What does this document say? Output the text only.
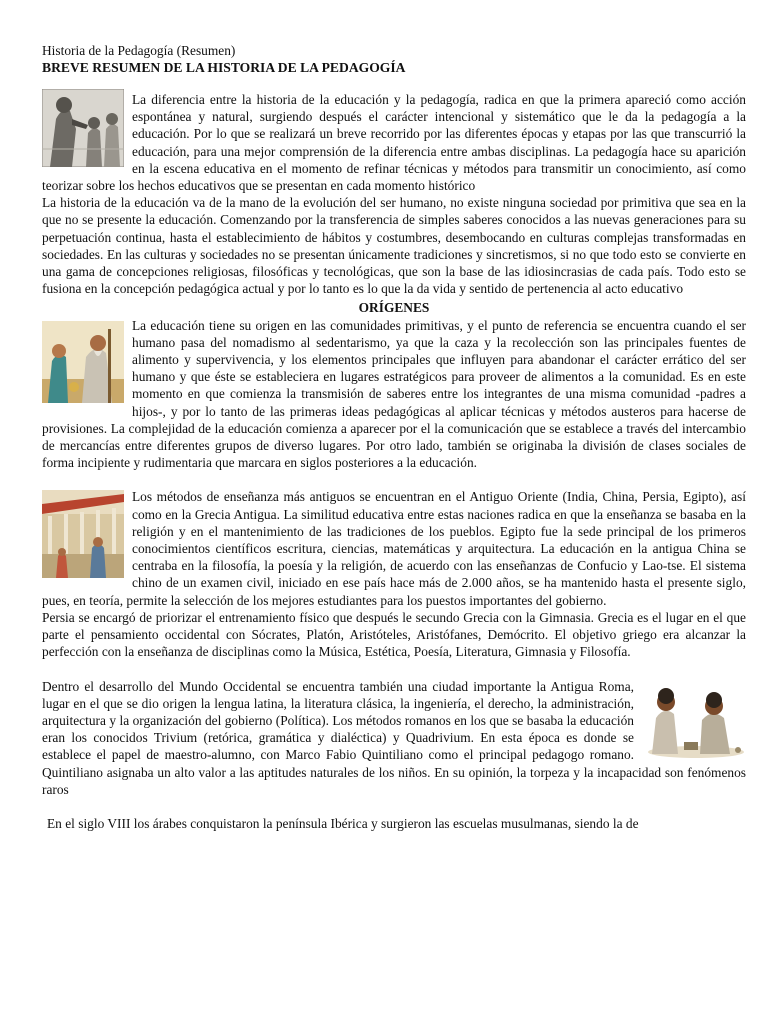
Historia de la Pedagogía (Resumen)
BREVE RESUMEN DE LA HISTORIA DE LA PEDAGOGÍA

La diferencia entre la historia de la educación y la pedagogía, radica en que la primera apareció como acción espontánea y natural, surgiendo después el carácter intencional y sistemático que le da la pedagogía a la educación. Por lo que se realizará un breve recorrido por las diferentes épocas y etapas por las que transcurrió la educación, para una mejor comprensión de la diferencia entre ambas disciplinas. La pedagogía hace su aparición en la escena educativa en el momento de refinar técnicas y métodos para transmitir un conocimiento, así como teorizar sobre los hechos educativos que se presentan en cada momento histórico

La historia de la educación va de la mano de la evolución del ser humano, no existe ninguna sociedad por primitiva que sea en la que no se presente la educación. Comenzando por la transferencia de simples saberes conocidos a las nuevas generaciones para su perpetuación continua, hasta el establecimiento de hábitos y costumbres, desembocando en culturas complejas transformadas en sociedades. En las culturas y sociedades no se presentan únicamente tradiciones y sincretismos, si no que todo esto se convierte en una gama de concepciones religiosas, filosóficas y tecnológicas, que son la base de las idiosincrasias de cada país. Todo esto se fusiona en la concepción pedagógica actual y por lo tanto es lo que la da vida y sentido de pertenencia al acto educativo

ORÍGENES

La educación tiene su origen en las comunidades primitivas, y el punto de referencia se encuentra cuando el ser humano pasa del nomadismo al sedentarismo, ya que la caza y la recolección son las principales fuentes de alimento y supervivencia, y los elementos principales que influyen para abandonar el carácter errático del ser humano y que éste se estableciera en lugares estratégicos para proveer de alimentos a la comunidad. Es en este momento en que comienza la transmisión de saberes entre los integrantes de una misma comunidad -padres a hijos-, y por lo tanto de las primeras ideas pedagógicas al aplicar técnicas y métodos austeros para hacerse de provisiones. La complejidad de la educación comienza a aparecer por el la comunicación que se establece a través del intercambio de mercancías entre diferentes grupos de diverso lugares. Por otro lado, también se originaba la división de clases sociales de forma incipiente y rudimentaria que marcara en siglos posteriores a la educación.

Los métodos de enseñanza más antiguos se encuentran en el Antiguo Oriente (India, China, Persia, Egipto), así como en la Grecia Antigua. La similitud educativa entre estas naciones radica en que la enseñanza se basaba en la religión y en el mantenimiento de las tradiciones de los pueblos. Egipto fue la sede principal de los primeros conocimientos científicos escritura, ciencias, matemáticas y arquitectura. La educación en la antigua China se centraba en la filosofía, la poesía y la religión, de acuerdo con las enseñanzas de Confucio y Lao-tse. El sistema chino de un examen civil, iniciado en ese país hace más de 2.000 años, se ha mantenido hasta el presente siglo, pues, en teoría, permite la selección de los mejores estudiantes para los puestos importantes del gobierno.

Persia se encargó de priorizar el entrenamiento físico que después le secundo Grecia con la Gimnasia. Grecia es el lugar en el que parte el pensamiento occidental con Sócrates, Platón, Aristóteles, Aristófanes, Demócrito. El objetivo griego era alcanzar la perfección con la enseñanza de disciplinas como la Música, Estética, Poesía, Literatura, Gimnasia y Filosofía.

Dentro el desarrollo del Mundo Occidental se encuentra también una ciudad importante la Antigua Roma, lugar en el que se dio origen la lengua latina, la literatura clásica, la ingeniería, el derecho, la administración, arquitectura y la organización del gobierno (Política). Los métodos romanos en los que se basaba la educación eran los conocidos Trivium (retórica, gramática y dialéctica) y Quadrivium. En esta época es donde se establece el papel de maestro-alumno, con Marco Fabio Quintiliano como el principal pedagogo romano. Quintiliano asignaba un alto valor a las aptitudes naturales de los niños. En su opinión, la torpeza y la incapacidad son fenómenos raros

En el siglo VIII los árabes conquistaron la península Ibérica y surgieron las escuelas musulmanas, siendo la de
